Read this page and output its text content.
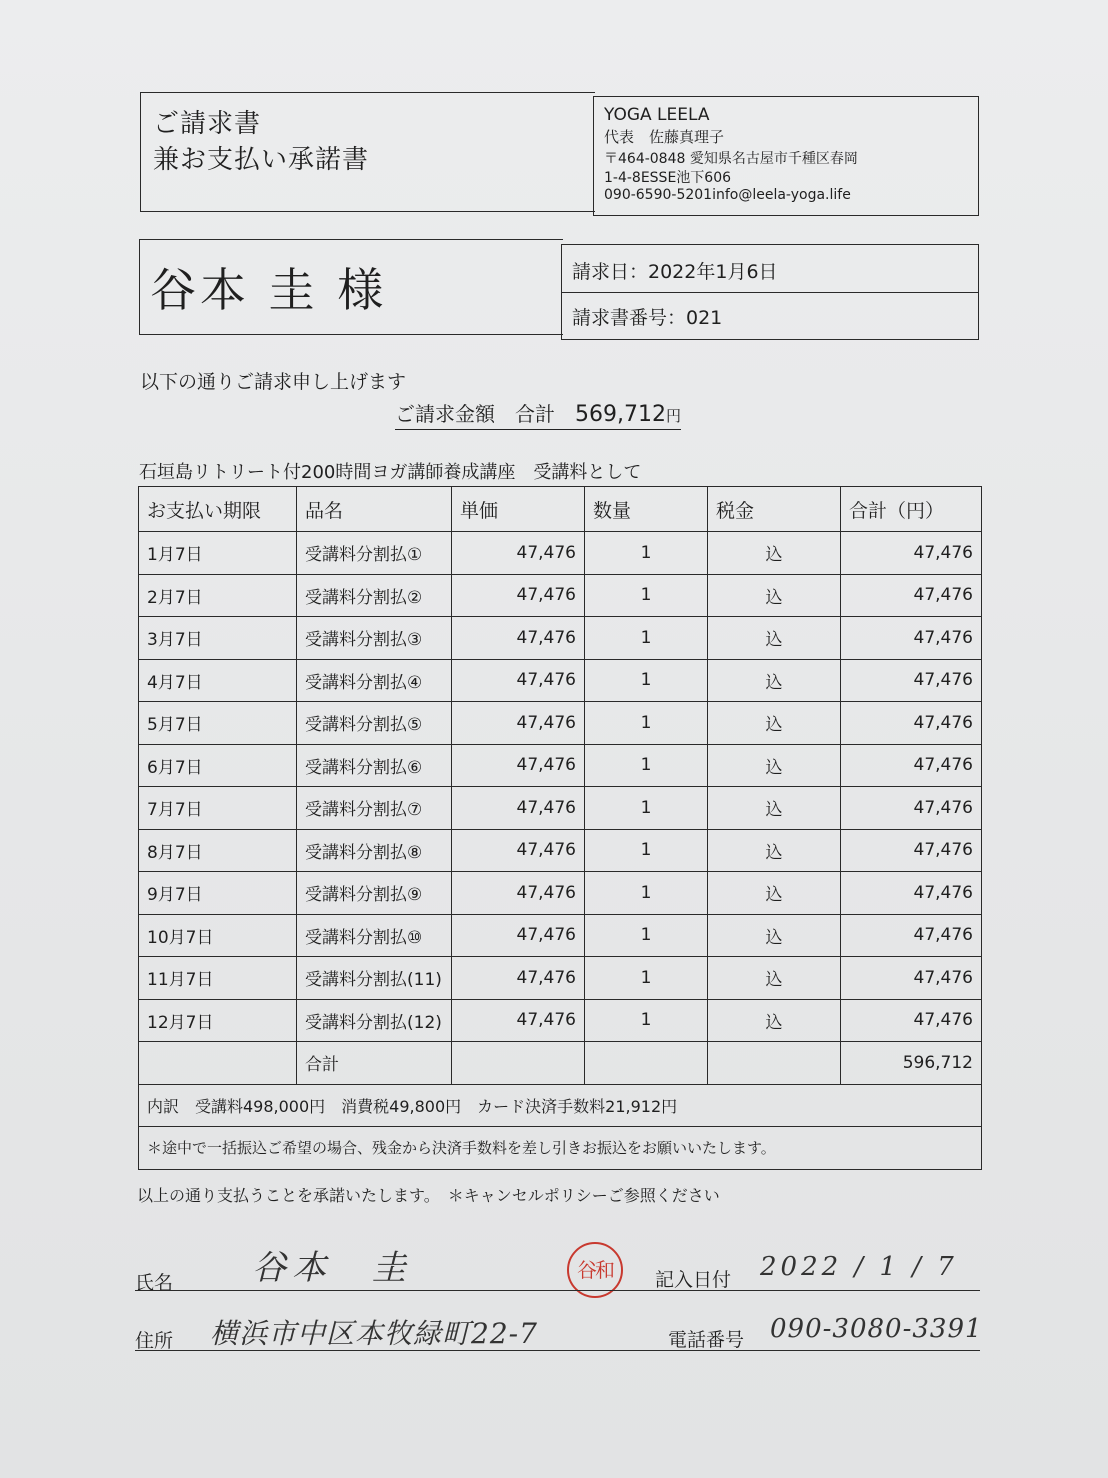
ご請求書
兼お支払い承諾書
YOGA LEELA
代表　佐藤真理子
〒464-0848 愛知県名古屋市千種区春岡
1-4-8ESSE池下606
090-6590-5201info@leela-yoga.life
谷本 圭 様	請求日：2022年1月6日
請求書番号：021
以下の通りご請求申し上げます
ご請求金額　合計　569,712円
石垣島リトリート付200時間ヨガ講師養成講座　受講料として
お支払い期限	品名	単価	数量	税金	合計（円）
1月7日	受講料分割払①	47,476	1	込	47,476
2月7日	受講料分割払②	47,476	1	込	47,476
3月7日	受講料分割払③	47,476	1	込	47,476
4月7日	受講料分割払④	47,476	1	込	47,476
5月7日	受講料分割払⑤	47,476	1	込	47,476
6月7日	受講料分割払⑥	47,476	1	込	47,476
7月7日	受講料分割払⑦	47,476	1	込	47,476
8月7日	受講料分割払⑧	47,476	1	込	47,476
9月7日	受講料分割払⑨	47,476	1	込	47,476
10月7日	受講料分割払⑩	47,476	1	込	47,476
11月7日	受講料分割払(11)	47,476	1	込	47,476
12月7日	受講料分割払(12)	47,476	1	込	47,476
	合計				596,712
内訳　受講料498,000円　消費税49,800円　カード決済手数料21,912円					
＊途中で一括振込ご希望の場合、残金から決済手数料を差し引きお振込をお願いいたします。					
以上の通り支払うことを承諾いたします。　＊キャンセルポリシーご参照ください
氏名 谷本　圭	谷和	記入日付 2022 / 1 / 7
住所 横浜市中区本牧緑町22-7	電話番号 090-3080-3391
